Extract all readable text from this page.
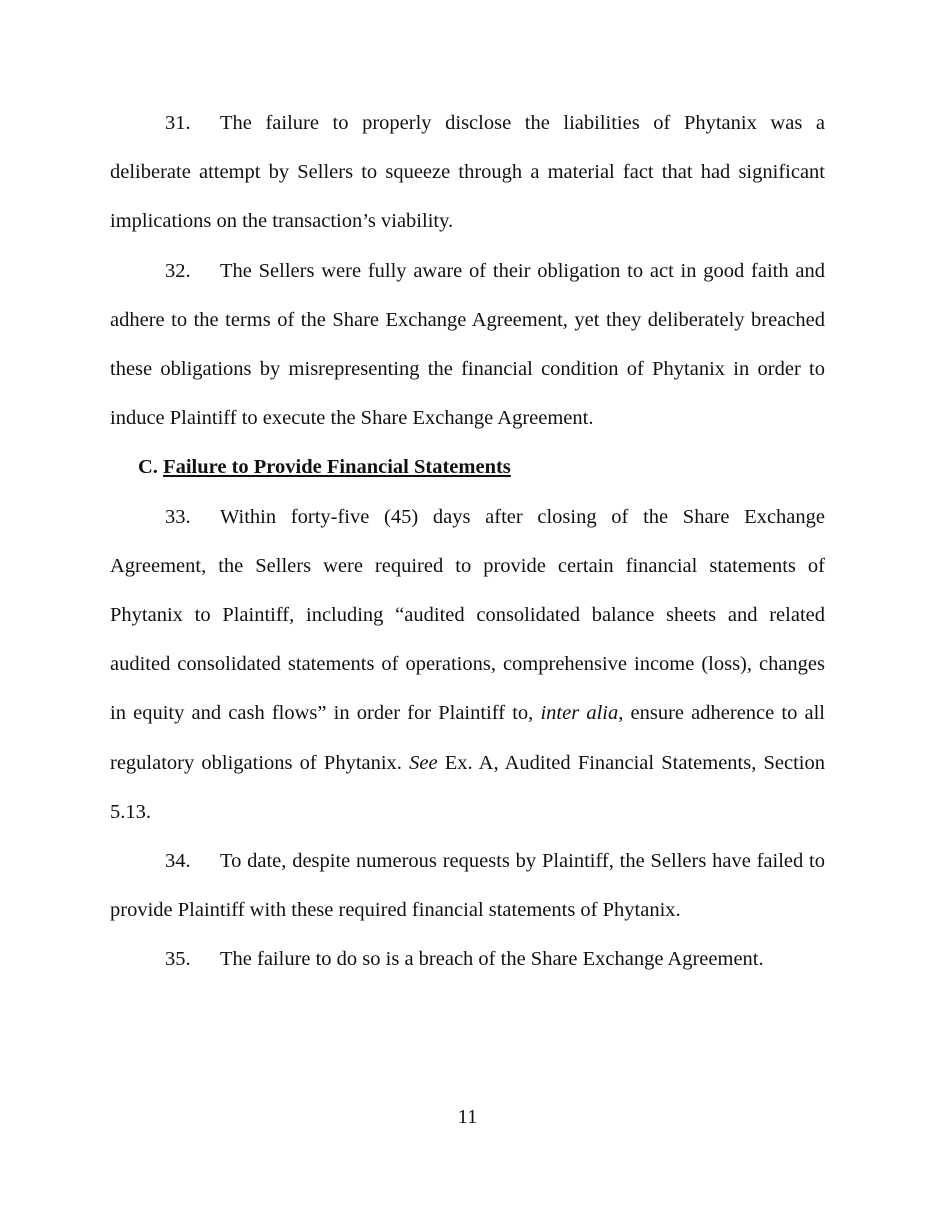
31. The failure to properly disclose the liabilities of Phytanix was a deliberate attempt by Sellers to squeeze through a material fact that had significant implications on the transaction’s viability.

32. The Sellers were fully aware of their obligation to act in good faith and adhere to the terms of the Share Exchange Agreement, yet they deliberately breached these obligations by misrepresenting the financial condition of Phytanix in order to induce Plaintiff to execute the Share Exchange Agreement.

C. Failure to Provide Financial Statements

33. Within forty-five (45) days after closing of the Share Exchange Agreement, the Sellers were required to provide certain financial statements of Phytanix to Plaintiff, including “audited consolidated balance sheets and related audited consolidated statements of operations, comprehensive income (loss), changes in equity and cash flows” in order for Plaintiff to, inter alia, ensure adherence to all regulatory obligations of Phytanix. See Ex. A, Audited Financial Statements, Section 5.13.

34. To date, despite numerous requests by Plaintiff, the Sellers have failed to provide Plaintiff with these required financial statements of Phytanix.

35. The failure to do so is a breach of the Share Exchange Agreement.

11
